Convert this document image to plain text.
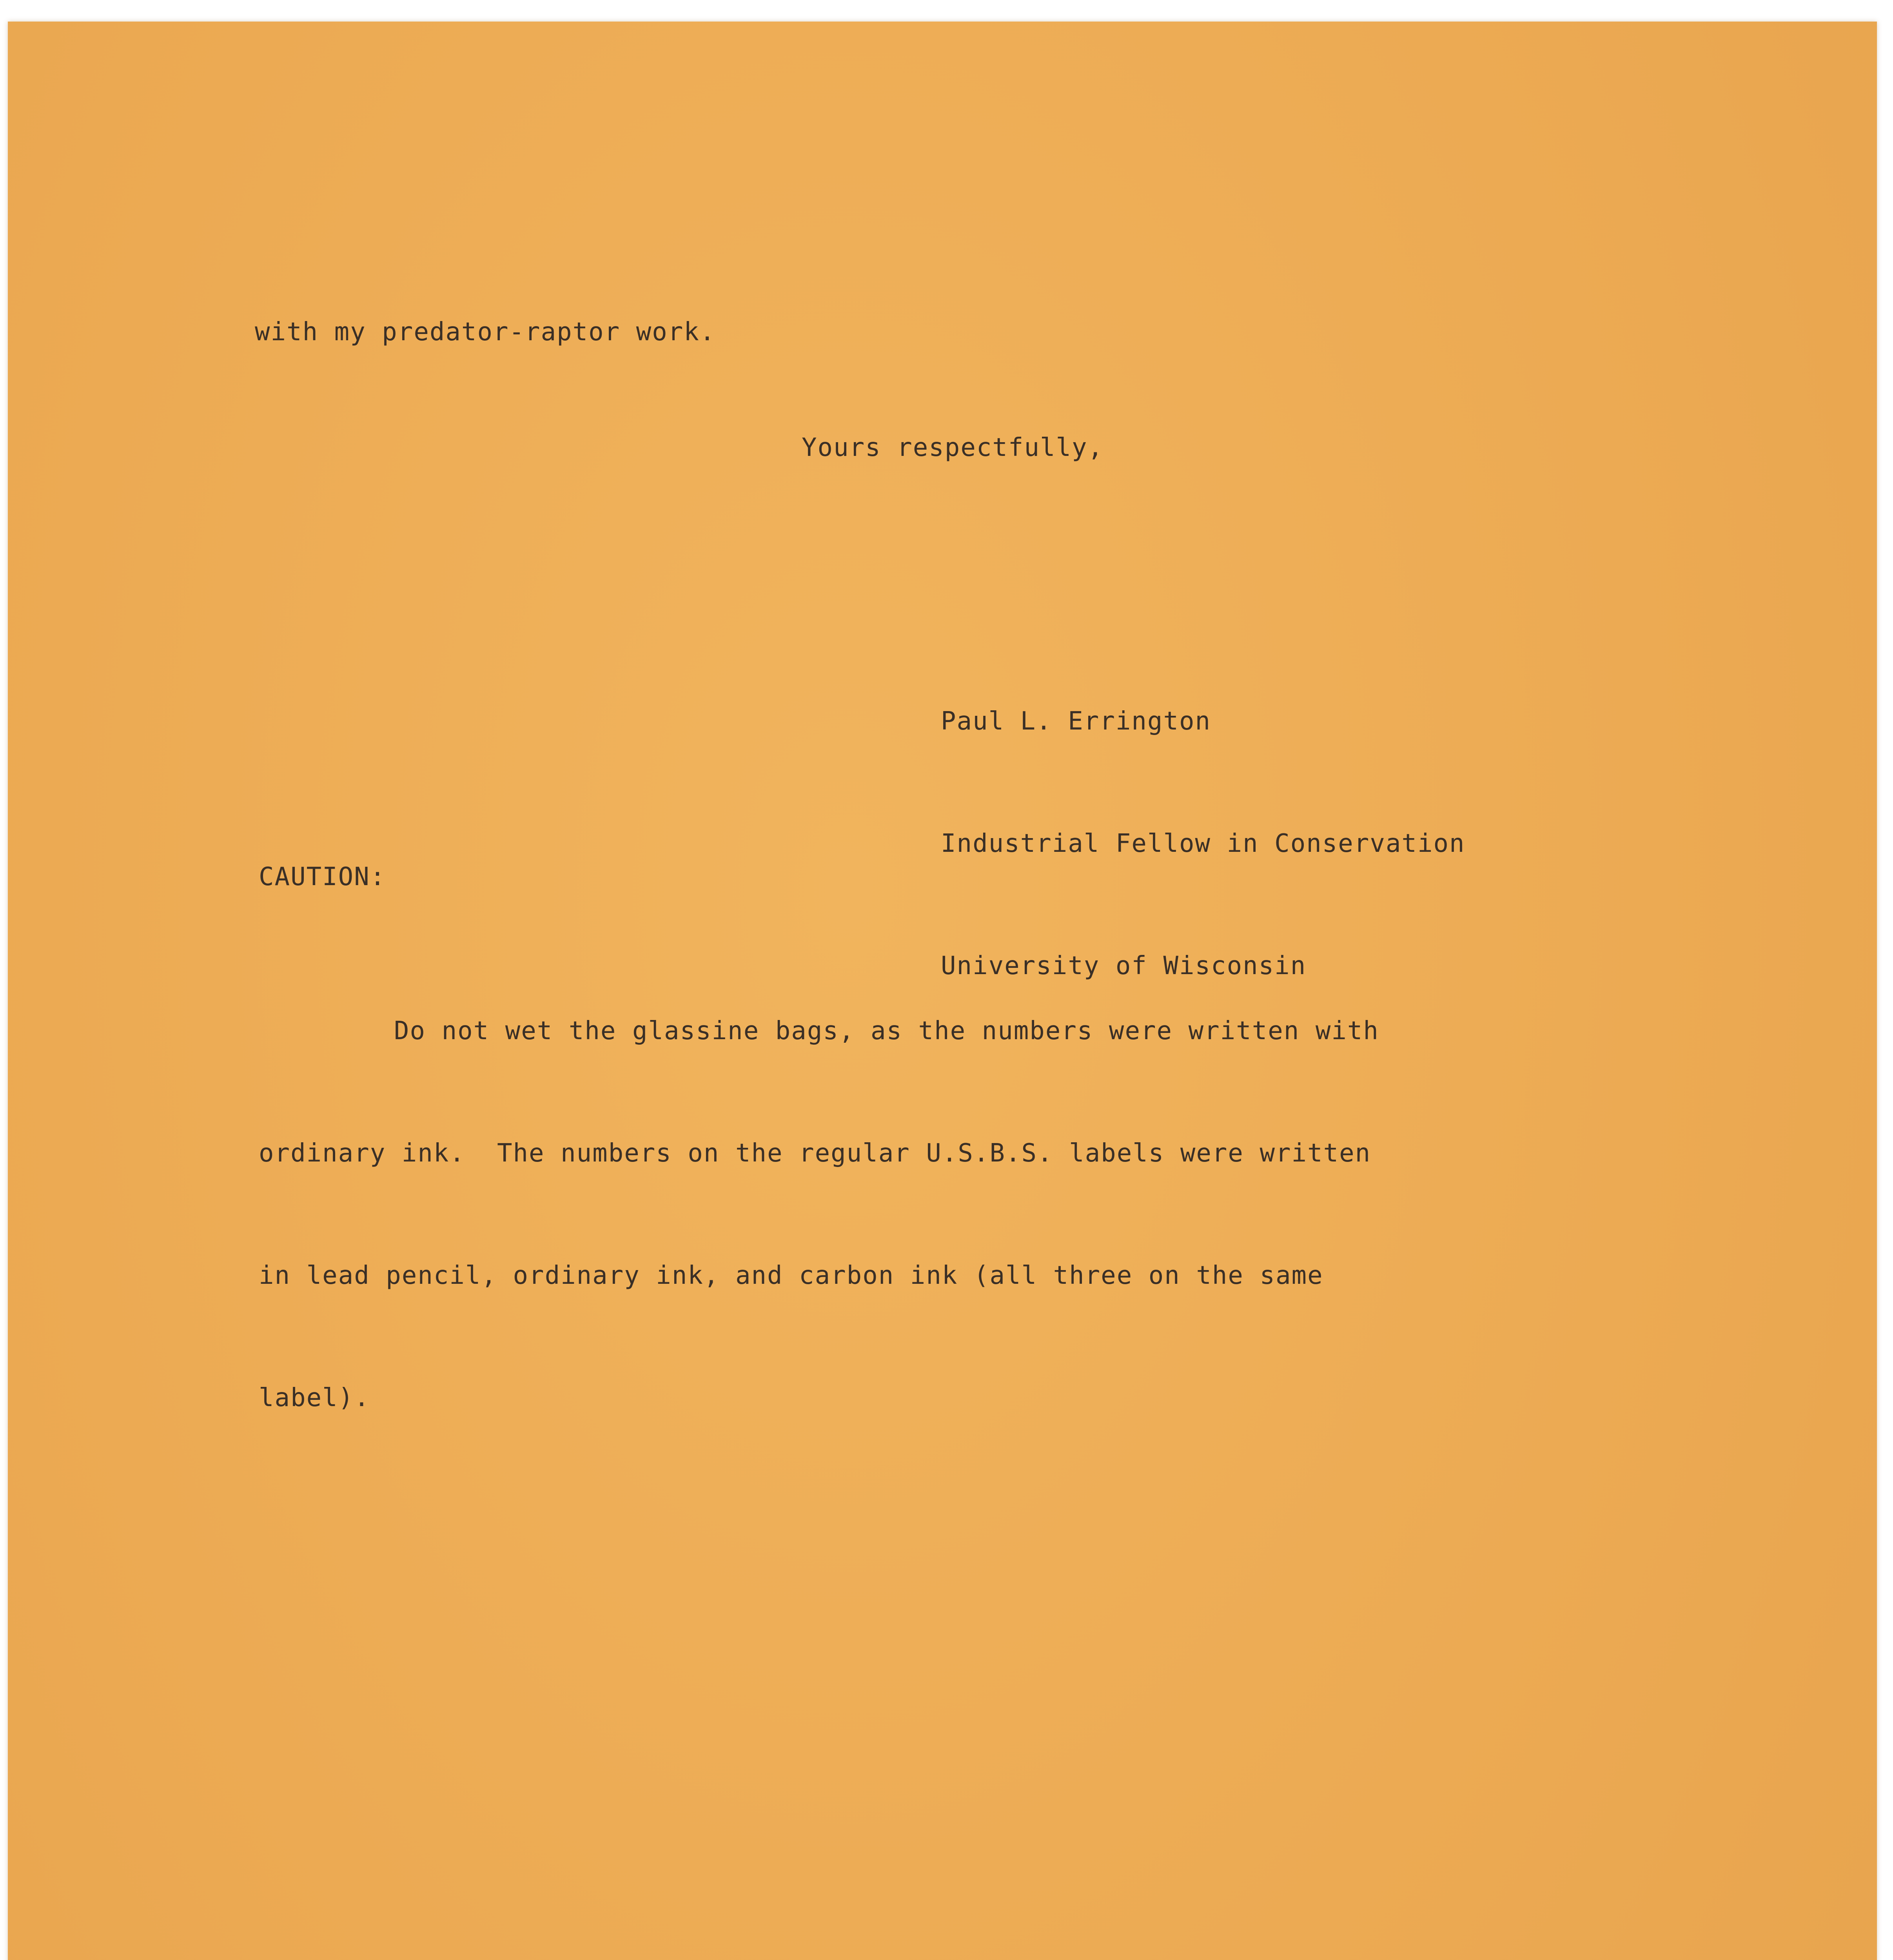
with my predator-raptor work.

Yours respectfully,

Paul L. Errington

Industrial Fellow in Conservation

University of Wisconsin

CAUTION:

Do not wet the glassine bags, as the numbers were written with

ordinary ink.  The numbers on the regular U.S.B.S. labels were written

in lead pencil, ordinary ink, and carbon ink (all three on the same

label).
